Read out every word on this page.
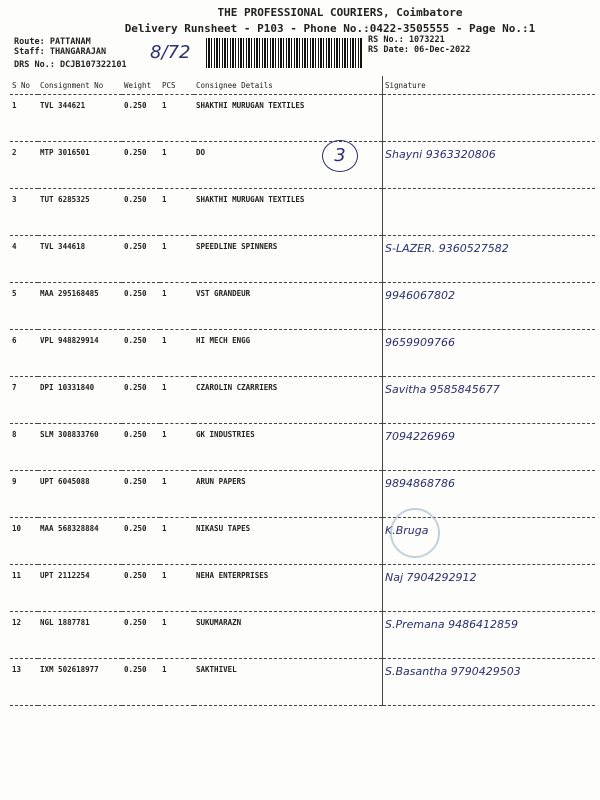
THE PROFESSIONAL COURIERS, Coimbatore
Delivery Runsheet - P103 - Phone No.:0422-3505555 - Page No.:1
Route: PATTANAM
Staff: THANGARAJAN
DRS No.: DCJB107322101
RS No.: 1073221
RS Date: 06-Dec-2022
8/72
S No	Consignment No	Weight	PCS	Consignee Details	Signature
1	TVL 344621	0.250	1	SHAKTHI MURUGAN TEXTILES	
2	MTP 3016501	0.250	1	DO	Shayni 9363320806
3	TUT 6285325	0.250	1	SHAKTHI MURUGAN TEXTILES	
4	TVL 344618	0.250	1	SPEEDLINE SPINNERS	S-LAZER. 9360527582
5	MAA 295168485	0.250	1	VST GRANDEUR	9946067802
6	VPL 948829914	0.250	1	HI MECH ENGG	9659909766
7	DPI 10331840	0.250	1	CZAROLIN CZARRIERS	Savitha 9585845677
8	SLM 308833760	0.250	1	GK INDUSTRIES	7094226969
9	UPT 6045088	0.250	1	ARUN PAPERS	9894868786
10	MAA 568328884	0.250	1	NIKASU TAPES	K.Bruga
11	UPT 2112254	0.250	1	NEHA ENTERPRISES	Naj 7904292912
12	NGL 1887781	0.250	1	SUKUMARAZN	S.Premana 9486412859
13	IXM 502618977	0.250	1	SAKTHIVEL	S.Basantha 9790429503
3
